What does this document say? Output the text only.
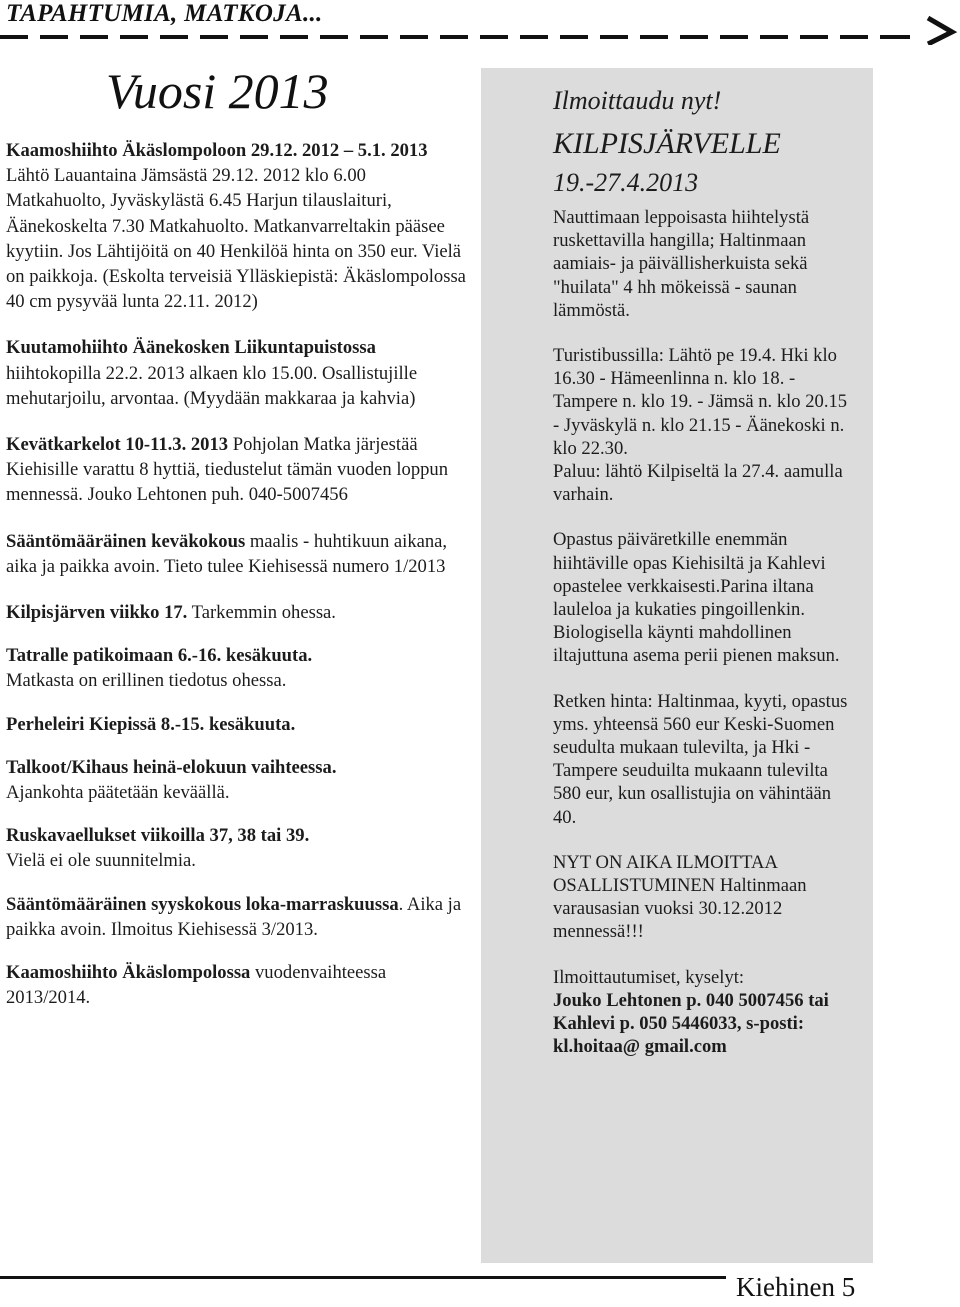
TAPAHTUMIA, MATKOJA...
Vuosi 2013

Kaamoshiihto Äkäslompoloon 29.12. 2012 – 5.1. 2013 Lähtö Lauantaina Jämsästä 29.12. 2012 klo 6.00 Matkahuolto, Jyväskylästä 6.45 Harjun tilauslaituri, Äänekoskelta 7.30 Matkahuolto. Matkanvarreltakin pääsee kyytiin. Jos Lähtijöitä on 40 Henkilöä hinta on 350 eur. Vielä on paikkoja. (Eskolta terveisiä Ylläskiepistä: Äkäslompolossa 40 cm pysyvää lunta 22.11. 2012)

Kuutamohiihto Äänekosken Liikuntapuistossa hiihtokopilla 22.2. 2013 alkaen klo 15.00. Osallistujille mehutarjoilu, arvontaa. (Myydään makkaraa ja kahvia)

Kevätkarkelot 10-11.3. 2013 Pohjolan Matka järjestää Kiehisille varattu 8 hyttiä, tiedustelut tämän vuoden loppun mennessä. Jouko Lehtonen puh. 040-5007456

Sääntömääräinen keväkokous maalis - huhtikuun aikana, aika ja paikka avoin. Tieto tulee Kiehisessä numero 1/2013

Kilpisjärven viikko 17. Tarkemmin ohessa.

Tatralle patikoimaan 6.-16. kesäkuuta.

Matkasta on erillinen tiedotus ohessa.

Perheleiri Kiepissä 8.-15. kesäkuuta.

Talkoot/Kihaus heinä-elokuun vaihteessa.

Ajankohta päätetään keväällä.

Ruskavaellukset viikoilla 37, 38 tai 39.

Vielä ei ole suunnitelmia.

Sääntömääräinen syyskokous loka-marraskuussa. Aika ja paikka avoin. Ilmoitus Kiehisessä 3/2013.

Kaamoshiihto Äkäslompolossa vuodenvaihteessa 2013/2014.

Ilmoittaudu nyt!

KILPISJÄRVELLE

19.-27.4.2013

Nauttimaan leppoisasta hiihtelystä ruskettavilla hangilla; Haltinmaan aamiais- ja päivällisherkuista sekä "huilata" 4 hh mökeissä - saunan lämmöstä.

Turistibussilla: Lähtö pe 19.4. Hki klo 16.30 - Hämeenlinna n. klo 18. - Tampere n. klo 19. - Jämsä n. klo 20.15 - Jyväskylä n. klo 21.15 - Äänekoski n. klo 22.30.

Paluu: lähtö Kilpiseltä la 27.4. aamulla varhain.

Opastus päiväretkille enemmän hiihtäville opas Kiehisiltä ja Kahlevi opastelee verkkaisesti.Parina iltana lauleloa ja kukaties pingoillenkin. Biologisella käynti mahdollinen iltajuttuna asema perii pienen maksun.

Retken hinta: Haltinmaa, kyyti, opastus yms. yhteensä 560 eur Keski-Suomen seudulta mukaan tulevilta, ja Hki - Tampere seuduilta mukaann tulevilta 580 eur, kun osallistujia on vähintään 40.

NYT ON AIKA ILMOITTAA OSALLISTUMINEN Haltinmaan varausasian vuoksi 30.12.2012 mennessä!!!

Ilmoittautumiset, kyselyt:

Jouko Lehtonen p. 040 5007456 tai Kahlevi p. 050 5446033, s-posti: kl.hoitaa@ gmail.com

Kiehinen 5
